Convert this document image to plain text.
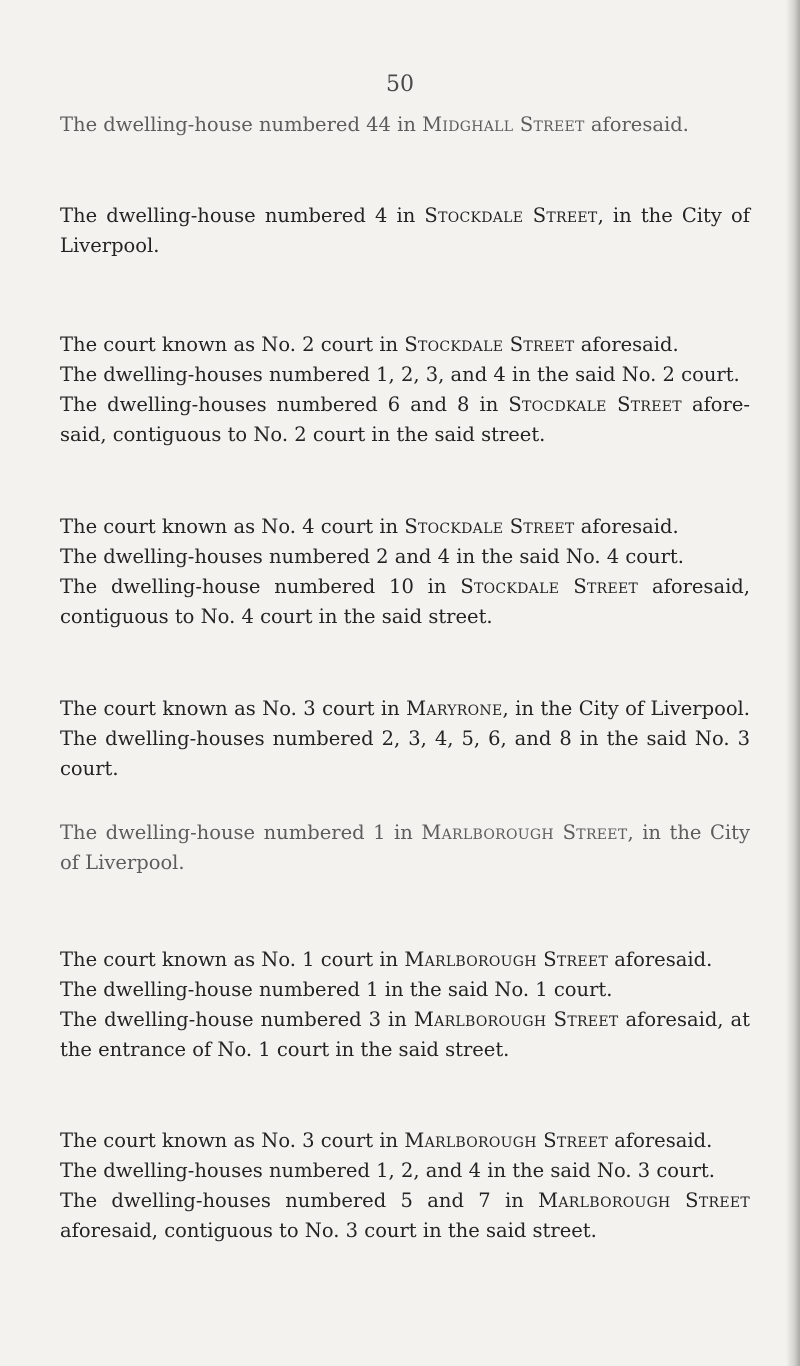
50
The dwelling-house numbered 44 in Midghall Street aforesaid.
The dwelling-house numbered 4 in Stockdale Street, in the City of
Liverpool.
The court known as No. 2 court in Stockdale Street aforesaid.
The dwelling-houses numbered 1, 2, 3, and 4 in the said No. 2 court.
The dwelling-houses numbered 6 and 8 in Stocdkale Street afore-
said, contiguous to No. 2 court in the said street.
The court known as No. 4 court in Stockdale Street aforesaid.
The dwelling-houses numbered 2 and 4 in the said No. 4 court.
The dwelling-house numbered 10 in Stockdale Street aforesaid,
contiguous to No. 4 court in the said street.
The court known as No. 3 court in Maryrone, in the City of Liverpool.
The dwelling-houses numbered 2, 3, 4, 5, 6, and 8 in the said No. 3
court.
The dwelling-house numbered 1 in Marlborough Street, in the City
of Liverpool.
The court known as No. 1 court in Marlborough Street aforesaid.
The dwelling-house numbered 1 in the said No. 1 court.
The dwelling-house numbered 3 in Marlborough Street aforesaid, at
the entrance of No. 1 court in the said street.
The court known as No. 3 court in Marlborough Street aforesaid.
The dwelling-houses numbered 1, 2, and 4 in the said No. 3 court.
The dwelling-houses numbered 5 and 7 in Marlborough Street
aforesaid, contiguous to No. 3 court in the said street.
